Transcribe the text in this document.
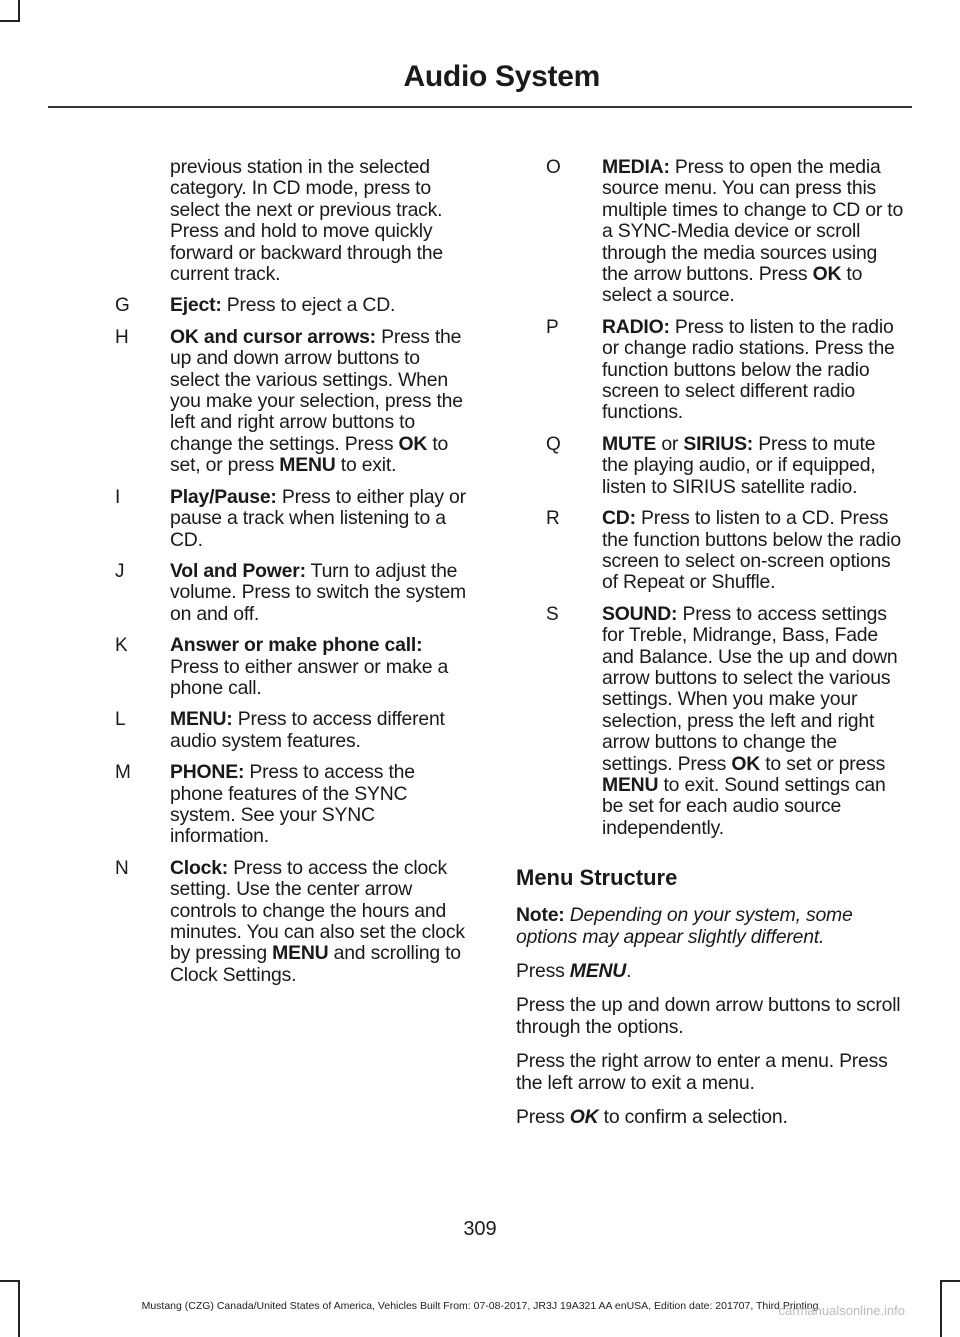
Audio System
previous station in the selected category. In CD mode, press to select the next or previous track. Press and hold to move quickly forward or backward through the current track.
G	Eject: Press to eject a CD.
H	OK and cursor arrows: Press the up and down arrow buttons to select the various settings. When you make your selection, press the left and right arrow buttons to change the settings. Press OK to set, or press MENU to exit.
I	Play/Pause: Press to either play or pause a track when listening to a CD.
J	Vol and Power: Turn to adjust the volume. Press to switch the system on and off.
K	Answer or make phone call: Press to either answer or make a phone call.
L	MENU: Press to access different audio system features.
M	PHONE: Press to access the phone features of the SYNC system. See your SYNC information.
N	Clock: Press to access the clock setting. Use the center arrow controls to change the hours and minutes. You can also set the clock by pressing MENU and scrolling to Clock Settings.
O	MEDIA: Press to open the media source menu. You can press this multiple times to change to CD or to a SYNC-Media device or scroll through the media sources using the arrow buttons. Press OK to select a source.
P	RADIO: Press to listen to the radio or change radio stations. Press the function buttons below the radio screen to select different radio functions.
Q	MUTE or SIRIUS: Press to mute the playing audio, or if equipped, listen to SIRIUS satellite radio.
R	CD: Press to listen to a CD. Press the function buttons below the radio screen to select on-screen options of Repeat or Shuffle.
S	SOUND: Press to access settings for Treble, Midrange, Bass, Fade and Balance. Use the up and down arrow buttons to select the various settings. When you make your selection, press the left and right arrow buttons to change the settings. Press OK to set or press MENU to exit. Sound settings can be set for each audio source independently.
Menu Structure

Note: Depending on your system, some options may appear slightly different.

Press MENU.

Press the up and down arrow buttons to scroll through the options.

Press the right arrow to enter a menu. Press the left arrow to exit a menu.

Press OK to confirm a selection.

309
Mustang (CZG) Canada/United States of America, Vehicles Built From: 07-08-2017, JR3J 19A321 AA enUSA, Edition date: 201707, Third Printing
carmanualsonline.info
